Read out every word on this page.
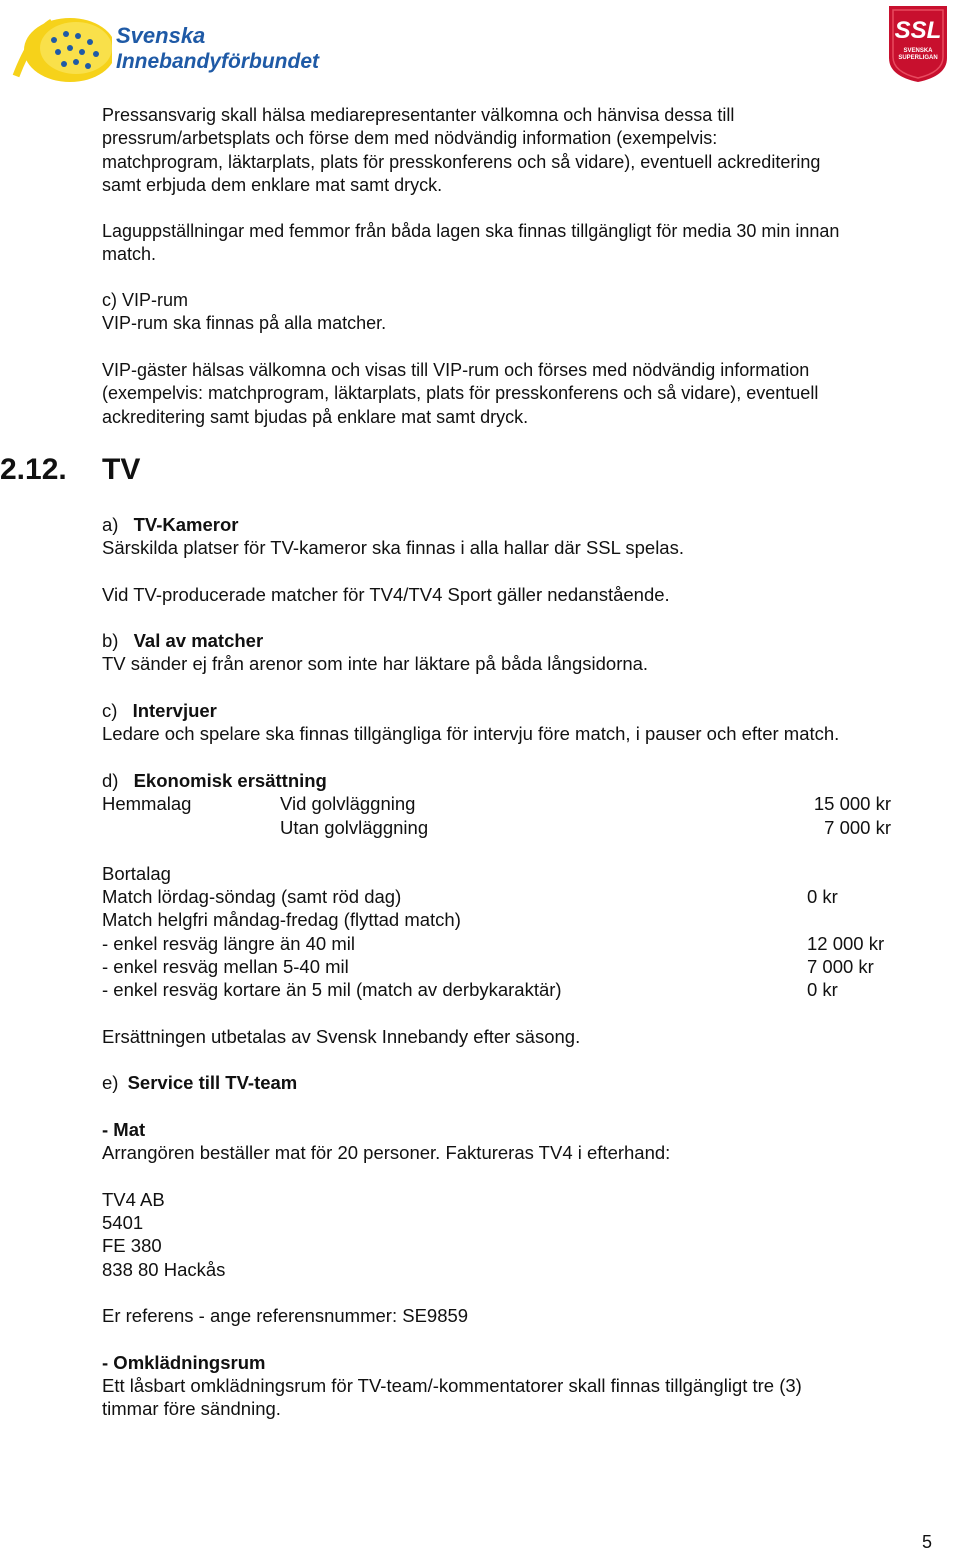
Svenska
Innebandyförbundet
SSL
SVENSKA
SUPERLIGAN
Pressansvarig skall hälsa mediarepresentanter välkomna och hänvisa dessa till
pressrum/arbetsplats och förse dem med nödvändig information (exempelvis:
matchprogram, läktarplats, plats för presskonferens och så vidare), eventuell ackreditering
samt erbjuda dem enklare mat samt dryck.
Laguppställningar med femmor från båda lagen ska finnas tillgängligt för media 30 min innan
match.
c) VIP-rum
VIP-rum ska finnas på alla matcher.
VIP-gäster hälsas välkomna och visas till VIP-rum och förses med nödvändig information
(exempelvis: matchprogram, läktarplats, plats för presskonferens och så vidare), eventuell
ackreditering samt bjudas på enklare mat samt dryck.
2.12. TV
a) TV-Kameror
Särskilda platser för TV-kameror ska finnas i alla hallar där SSL spelas.
Vid TV-producerade matcher för TV4/TV4 Sport gäller nedanstående.
b) Val av matcher
TV sänder ej från arenor som inte har läktare på båda långsidorna.
c) Intervjuer
Ledare och spelare ska finnas tillgängliga för intervju före match, i pauser och efter match.
d) Ekonomisk ersättning
Hemmalag	Vid golvläggning	15 000 kr
Utan golvläggning	7 000 kr
Bortalag
Match lördag-söndag (samt röd dag)	0 kr
Match helgfri måndag-fredag (flyttad match)
- enkel resväg längre än 40 mil	12 000 kr
- enkel resväg mellan 5-40 mil	7 000 kr
- enkel resväg kortare än 5 mil (match av derbykaraktär)	0 kr
Ersättningen utbetalas av Svensk Innebandy efter säsong.
e) Service till TV-team
- Mat
Arrangören beställer mat för 20 personer. Faktureras TV4 i efterhand:
TV4 AB
5401
FE 380
838 80 Hackås
Er referens - ange referensnummer: SE9859
- Omklädningsrum
Ett låsbart omklädningsrum för TV-team/-kommentatorer skall finnas tillgängligt tre (3)
timmar före sändning.
5
